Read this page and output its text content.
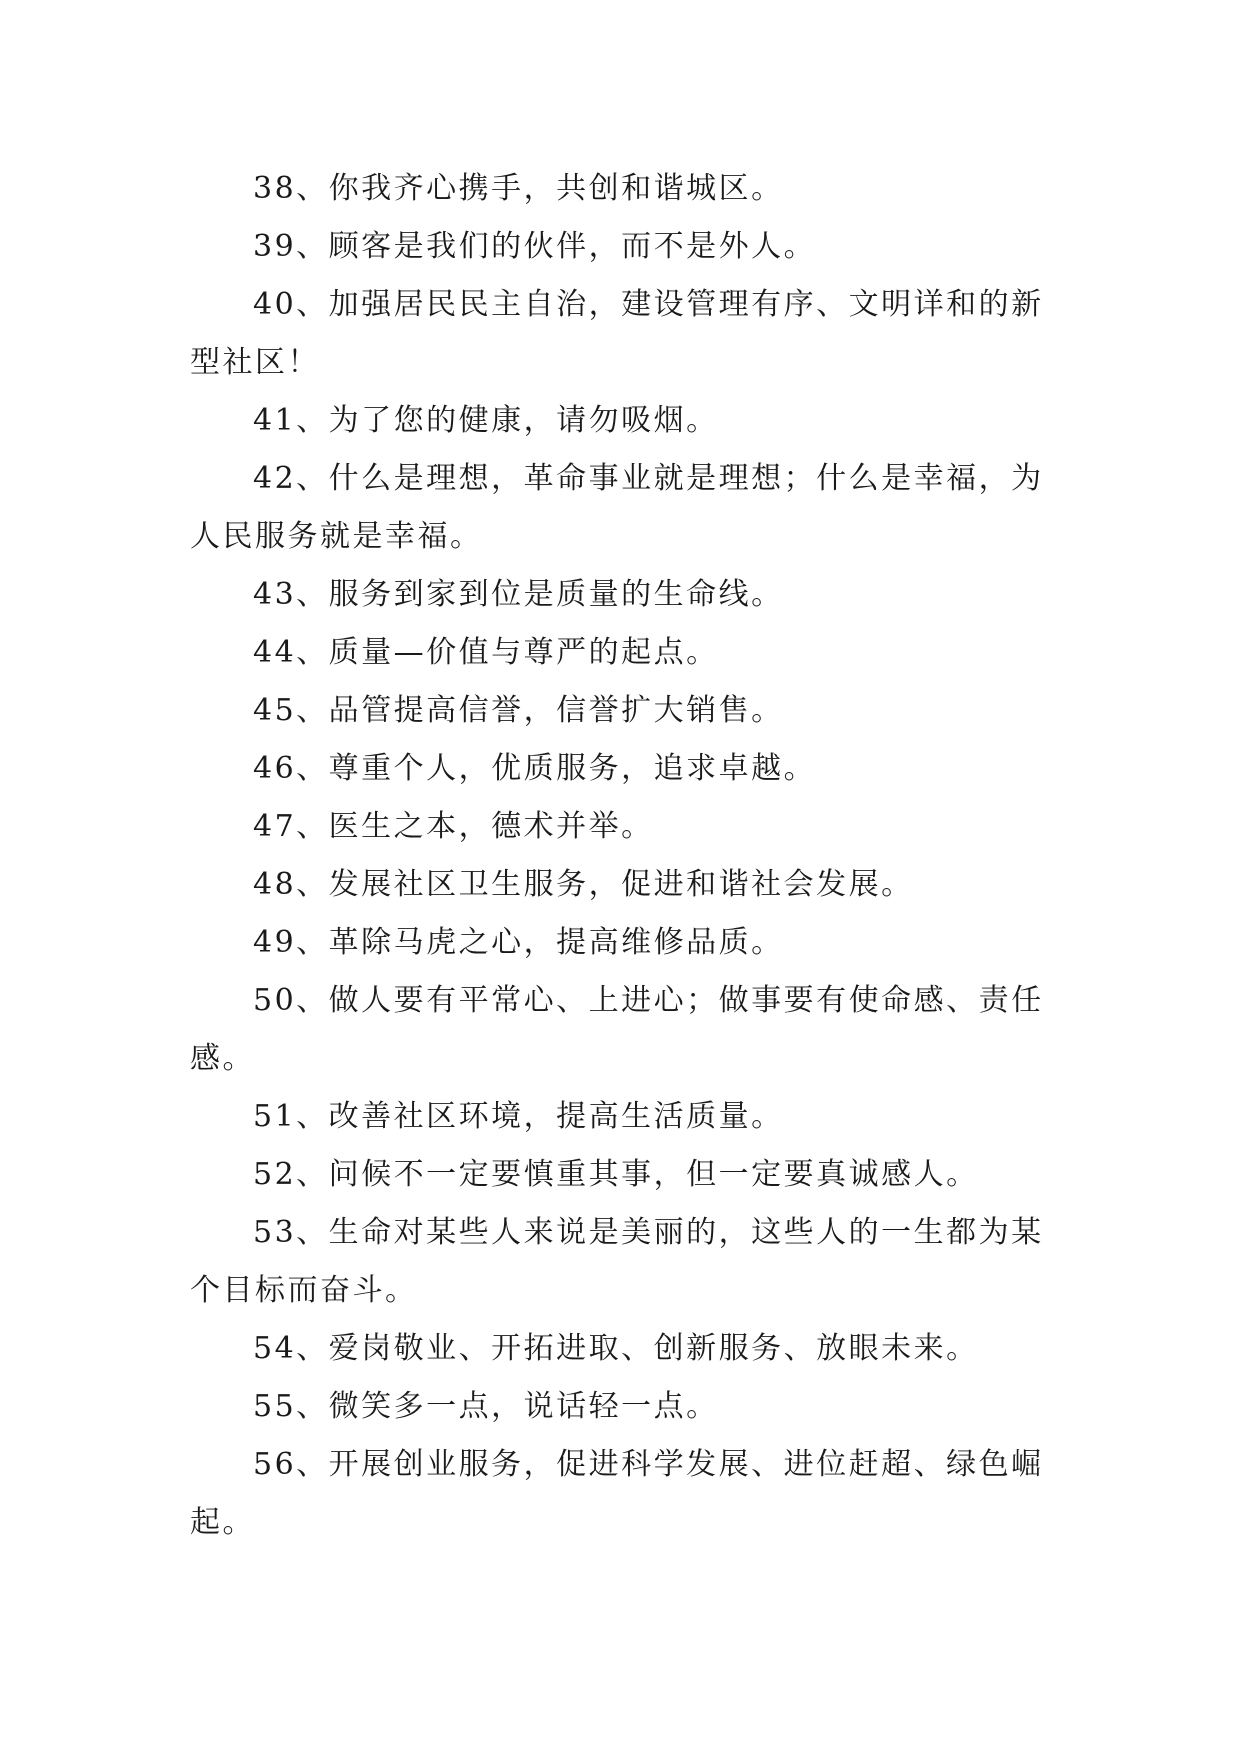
38、你我齐心携手，共创和谐城区。

39、顾客是我们的伙伴，而不是外人。

40、加强居民民主自治，建设管理有序、文明详和的新型社区！

41、为了您的健康，请勿吸烟。

42、什么是理想，革命事业就是理想；什么是幸福，为人民服务就是幸福。

43、服务到家到位是质量的生命线。

44、质量—价值与尊严的起点。

45、品管提高信誉，信誉扩大销售。

46、尊重个人，优质服务，追求卓越。

47、医生之本，德术并举。

48、发展社区卫生服务，促进和谐社会发展。

49、革除马虎之心，提高维修品质。

50、做人要有平常心、上进心；做事要有使命感、责任感。

51、改善社区环境，提高生活质量。

52、问候不一定要慎重其事，但一定要真诚感人。

53、生命对某些人来说是美丽的，这些人的一生都为某个目标而奋斗。

54、爱岗敬业、开拓进取、创新服务、放眼未来。

55、微笑多一点，说话轻一点。

56、开展创业服务，促进科学发展、进位赶超、绿色崛起。
